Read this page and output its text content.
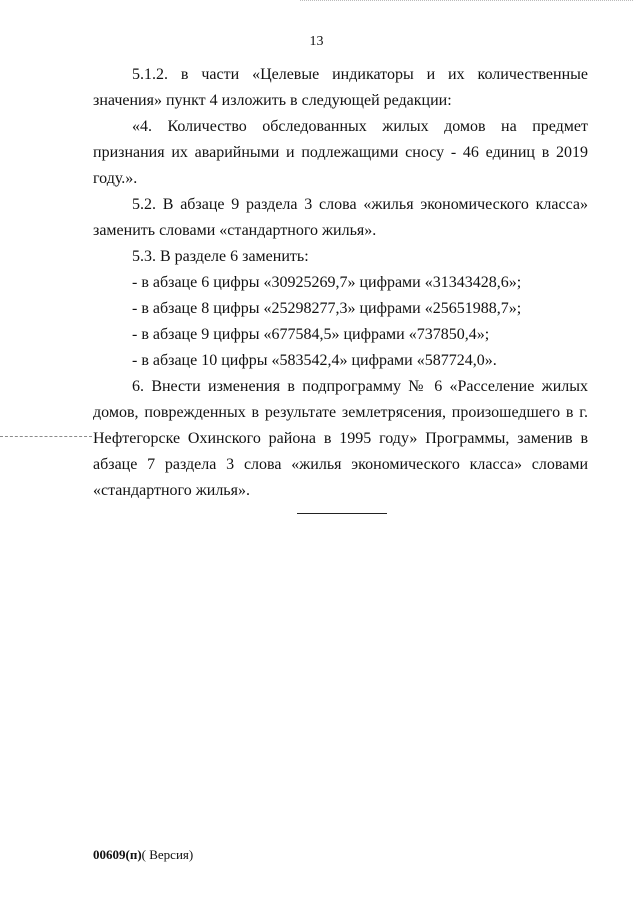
13

5.1.2. в части «Целевые индикаторы и их количественные значения» пункт 4 изложить в следующей редакции:

«4. Количество обследованных жилых домов на предмет признания их аварийными и подлежащими сносу - 46 единиц в 2019 году.».

5.2. В абзаце 9 раздела 3 слова «жилья экономического класса» заменить словами «стандартного жилья».

5.3. В разделе 6 заменить:

- в абзаце 6 цифры «30925269,7» цифрами «31343428,6»;

- в абзаце 8 цифры «25298277,3» цифрами «25651988,7»;

- в абзаце 9 цифры «677584,5» цифрами «737850,4»;

- в абзаце 10 цифры «583542,4» цифрами «587724,0».

6. Внести изменения в подпрограмму № 6 «Расселение жилых домов, поврежденных в результате землетрясения, произошедшего в г. Нефтегорске Охинского района в 1995 году» Программы, заменив в абзаце 7 раздела 3 слова «жилья экономического класса» словами «стандартного жилья».

00609(п)( Версия)
